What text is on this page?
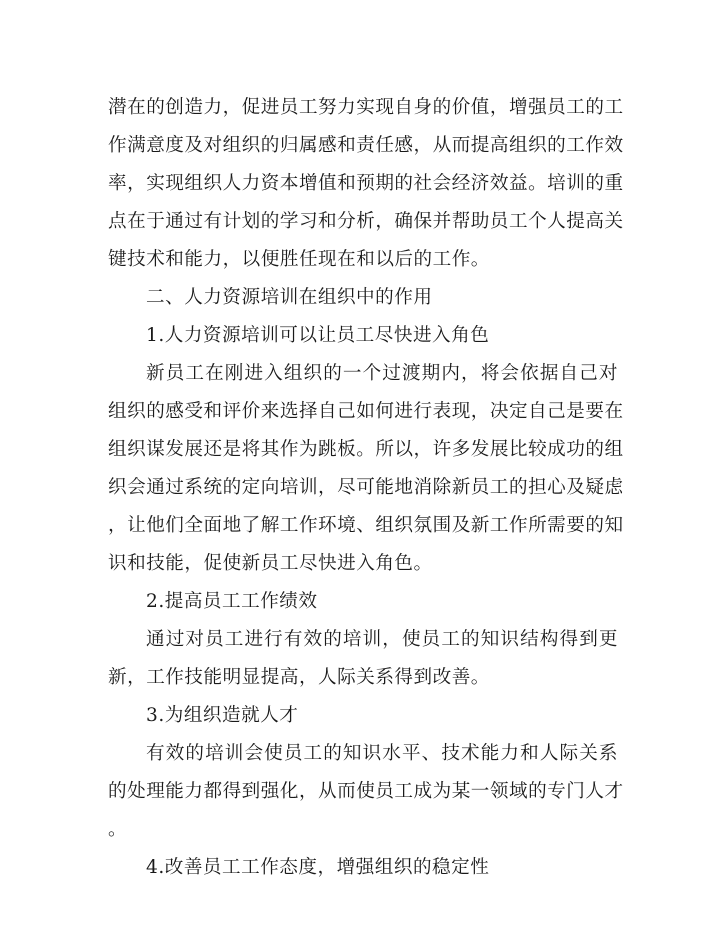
潜在的创造力，促进员工努力实现自身的价值，增强员工的工
作满意度及对组织的归属感和责任感，从而提高组织的工作效
率，实现组织人力资本增值和预期的社会经济效益。培训的重
点在于通过有计划的学习和分析，确保并帮助员工个人提高关
键技术和能力，以便胜任现在和以后的工作。
二、人力资源培训在组织中的作用
1.人力资源培训可以让员工尽快进入角色
新员工在刚进入组织的一个过渡期内，将会依据自己对
组织的感受和评价来选择自己如何进行表现，决定自己是要在
组织谋发展还是将其作为跳板。所以，许多发展比较成功的组
织会通过系统的定向培训，尽可能地消除新员工的担心及疑虑
，让他们全面地了解工作环境、组织氛围及新工作所需要的知
识和技能，促使新员工尽快进入角色。
2.提高员工工作绩效
通过对员工进行有效的培训，使员工的知识结构得到更
新，工作技能明显提高，人际关系得到改善。
3.为组织造就人才
有效的培训会使员工的知识水平、技术能力和人际关系
的处理能力都得到强化，从而使员工成为某一领域的专门人才
。
4.改善员工工作态度，增强组织的稳定性
